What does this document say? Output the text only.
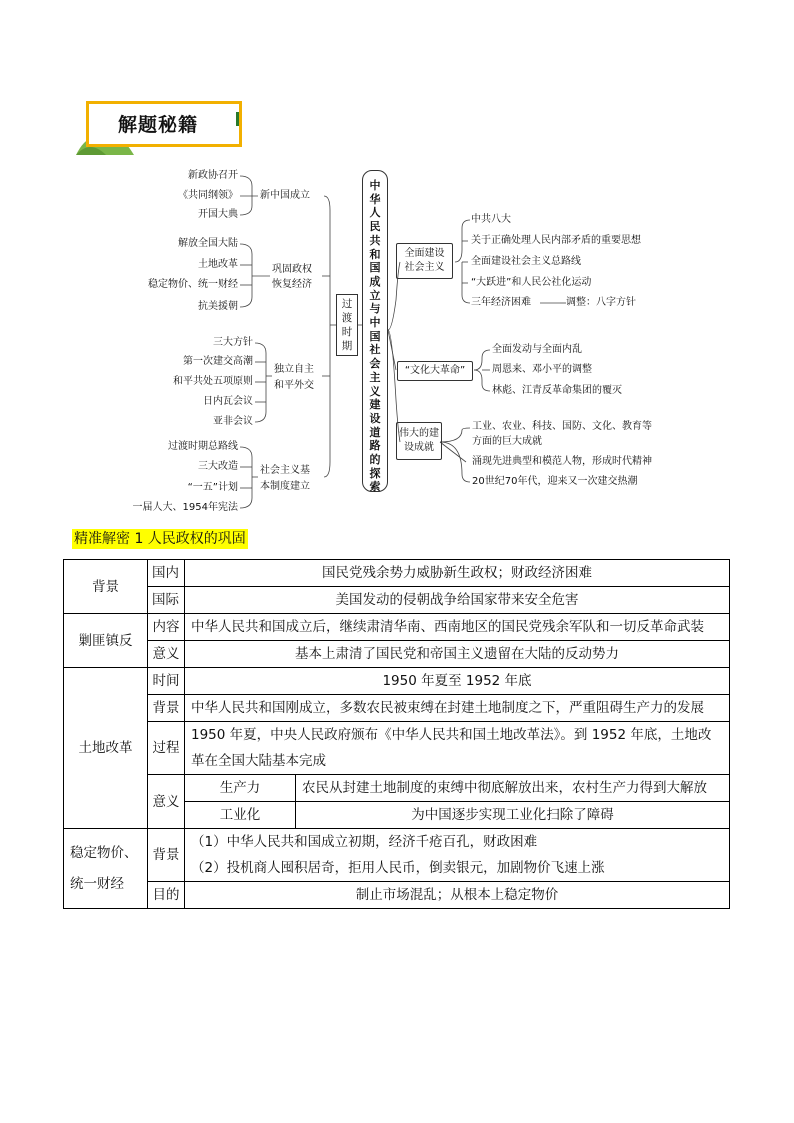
解题秘籍
新政协召开
《共同纲领》
开国大典
新中国成立
解放全国大陆
土地改革
稳定物价、统一财经
抗美援朝
巩固政权
恢复经济
三大方针
第一次建交高潮
和平共处五项原则
日内瓦会议
亚非会议
独立自主
和平外交
过渡时期总路线
三大改造
“一五”计划
一届人大、1954年宪法
社会主义基
本制度建立
过渡时期
中华人民共和国成立与中国社会主义建设道路的探索
全面建设
社会主义
中共八大
关于正确处理人民内部矛盾的重要思想
全面建设社会主义总路线
“大跃进”和人民公社化运动
三年经济困难	调整：八字方针
“文化大革命”
全面发动与全面内乱
周恩来、邓小平的调整
林彪、江青反革命集团的覆灭
伟大的建
设成就
工业、农业、科技、国防、文化、教育等
方面的巨大成就
涌现先进典型和模范人物，形成时代精神
20世纪70年代，迎来又一次建交热潮
精准解密 1 人民政权的巩固
背景	国内	国民党残余势力威胁新生政权；财政经济困难	
	国际	美国发动的侵朝战争给国家带来安全危害	
剿匪镇反	内容	中华人民共和国成立后，继续肃清华南、西南地区的国民党残余军队和一切反革命武装	
	意义	基本上肃清了国民党和帝国主义遗留在大陆的反动势力	
土地改革	时间	1950 年夏至 1952 年底	
	背景	中华人民共和国刚成立，多数农民被束缚在封建土地制度之下，严重阻碍生产力的发展	
	过程	1950 年夏，中央人民政府颁布《中华人民共和国土地改革法》。到 1952 年底，土地改革在全国大陆基本完成	
	意义	生产力	农民从封建土地制度的束缚中彻底解放出来，农村生产力得到大解放
		工业化	为中国逐步实现工业化扫除了障碍
稳定物价、统一财经	背景	（1）中华人民共和国成立初期，经济千疮百孔，财政困难
（2）投机商人囤积居奇，拒用人民币，倒卖银元，加剧物价飞速上涨	

	目的	制止市场混乱；从根本上稳定物价	
